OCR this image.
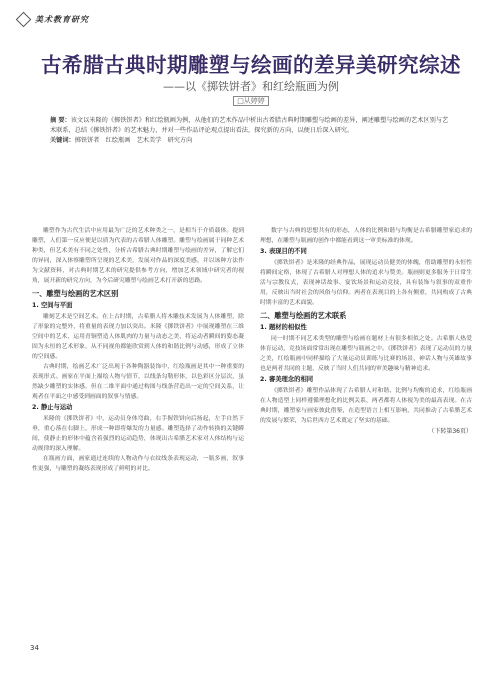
美术教育研究
古希腊古典时期雕塑与绘画的差异美研究综述
——以《掷铁饼者》和红绘瓶画为例
□从婷婷
摘 要：该文以米隆的《掷铁饼者》和红绘瓶画为例，从他们的艺术作品中析出古希腊古典时期雕塑与绘画的差异，阐述雕塑与绘画的艺术区别与艺术联系，总结《掷铁饼者》的艺术魅力，并对一些作品评论观点提出看法，探究新的方向，以便日后深入研究。
关键词：掷铁饼者　红绘瓶画　艺术美学　研究方向

雕塑作为古代生活中应用最为广泛的艺术种类之一，是相当于介质载体。提到雕塑，人们第一反应便是以质为代表的古希腊人体雕塑。雕塑与绘画属于同种艺术种类，但艺术美有不同之处性，分析古希腊古典时期雕塑与绘画的差异，了解它们的异同，深入体察雕塑所呈现的艺术美，发展对作品的深度美感，并以该种方法作为文献资料，对古典时期艺术的研究提供参考方向，增加艺术领域中研究者的视角，展开新的研究方向，为今后研究雕塑与绘画艺术打开新的思路。

一、雕塑与绘画的艺术区别
1. 空间与平面

雕刻艺术是空间艺术。在上古时期，古希腊人将木雕技术发展为人体雕塑，除了形象的完整外，将重量的表现力加以突出。米隆《掷铁饼者》中展现雕塑在三维空间中的艺术，运用青铜塑造人体肌肉的力量与动态之美，将运动者瞬间的姿态凝固为永恒的艺术形象，从不同视角都能欣赏到人体的和谐比例与动感，形成了立体的空间感。

古典时期，绘画艺术广泛出现于各种陶器装饰中，红绘瓶画是其中一种重要的表现形式。画家在平面上描绘人物与情节，以线条勾勒形体，以色彩区分层次，虽然缺少雕塑的实体感，但在二维平面中通过构图与线条营造出一定的空间关系，让观者在平面之中感受到画面的叙事与情感。

2. 静止与运动

米隆的《掷铁饼者》中，运动员身体弯曲，右手握铁饼向后扬起，左手自然下垂，重心落在右脚上，形成一种即将爆发的力量感。雕塑选择了动作转换的关键瞬间，使静止的形体中蕴含着强烈的运动趋势，体现出古希腊艺术家对人体结构与运动规律的深入理解。

在瓶画方面，画家通过连续的人物动作与衣纹线条表现运动，一瓶多画，叙事性更强，与雕塑的凝练表现形成了鲜明的对比。

数字与古典的思想共有的形态，人体的比例和谐与均衡是古希腊雕塑家追求的理想，在雕塑与瓶画的创作中都能看到这一审美标准的体现。

3. 表现目的不同

《掷铁饼者》是米隆的经典作品，展现运动员健美的体魄，借助雕塑的永恒性将瞬间定格，体现了古希腊人对理想人体的追求与赞美。瓶画则更多服务于日常生活与宗教仪式，表现神话故事、宴饮场景和运动竞技，具有装饰与叙事的双重作用，反映出当时社会的风俗与信仰。两者在表现目的上各有侧重，共同构成了古典时期丰富的艺术面貌。

二、雕塑与绘画的艺术联系
1. 题材的相似性

同一时期不同艺术类型的雕塑与绘画在题材上有很多相似之处。古希腊人热爱体育运动，竞技场面常常出现在雕塑与瓶画之中。《掷铁饼者》表现了运动员的力量之美，红绘瓶画中同样描绘了大量运动员训练与比赛的场景，神话人物与英雄故事也是两者共同的主题，反映了当时人们共同的审美趣味与精神追求。

2. 審美理念的相同

《掷铁饼者》雕塑作品体现了古希腊人对和谐、比例与均衡的追求，红绘瓶画在人物造型上同样遵循理想化的比例关系，两者都将人体视为美的最高表现。在古典时期，雕塑家与画家彼此借鉴，在造型语言上相互影响，共同推动了古希腊艺术的发展与繁荣，为后世西方艺术奠定了坚实的基础。

（下转第36页）
34
